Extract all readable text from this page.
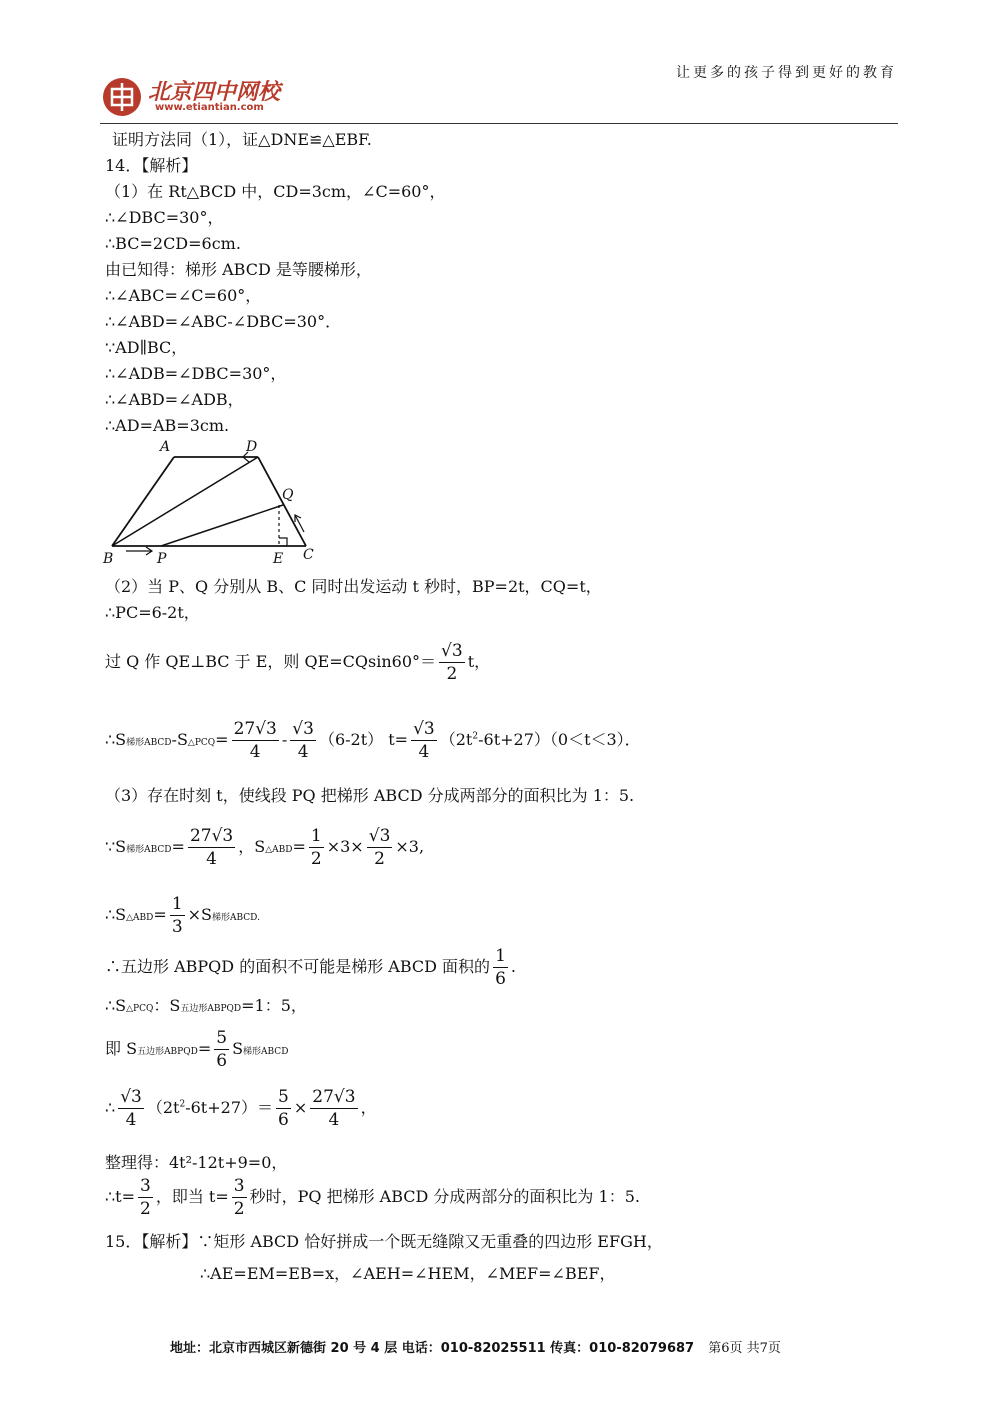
北京四中网校
www.etiantian.com
让更多的孩子得到更好的教育
证明方法同（1），证△DNE≌△EBF.
14．【解析】
（1）在 Rt△BCD 中，CD=3cm，∠C=60°，
∴∠DBC=30°，
∴BC=2CD=6cm.
由已知得：梯形 ABCD 是等腰梯形，
∴∠ABC=∠C=60°，
∴∠ABD=∠ABC-∠DBC=30°．
∵AD∥BC，
∴∠ADB=∠DBC=30°，
∴∠ABD=∠ADB，
∴AD=AB=3cm.
A	D
Q
B	P	E C
（2）当 P、Q 分别从 B、C 同时出发运动 t 秒时，BP=2t，CQ=t，
∴PC=6-2t，
过 Q 作 QE⊥BC 于 E，则 $QE=CQsin60^\circ= \frac{√3}{2}$ t，
∴S梯形ABCD-S△PCQ= $\frac{27√3}{4} - \frac{√3}{4} (6-2t)$ $t= \frac{√3}{4} (2t^2-6t+27)(0<t<3)$．
（3）存在时刻 t，使线段 PQ 把梯形 ABCD 分成两部分的面积比为 1：5.
∵S梯形ABCD= $\frac{27√3}{4}$ ，S△ABD= $\frac{1}{2} \times 3\times \frac{√3}{2} \times 3$,
∴S△ABD= $\frac{1}{3} \times S$梯形ABCD.
∴五边形 ABPQD 的面积不可能是梯形 ABCD 面积的 $\frac{1}{6}$ .
∴S△PCQ：S五边形ABPQD=1：5，
即 S五边形ABPQD= $\frac{5}{6}$ S梯形ABCD
∴ $\frac{√3}{4} (2t^2-6t+27)= \frac{5}{6} \times \frac{27√3}{4}$ ，
整理得：4t²-12t+9=0，
∴t= $\frac{3}{2}$ ，即当 $t= \frac{3}{2}$ 秒时，PQ 把梯形 ABCD 分成两部分的面积比为 1：5.
15．【解析】∵矩形 ABCD 恰好拼成一个既无缝隙又无重叠的四边形 EFGH，
∴AE=EM=EB=x，∠AEH=∠HEM，∠MEF=∠BEF，
地址：北京市西城区新德街 20 号 4 层 电话：010-82025511 传真：010-82079687 第6页 共7页
